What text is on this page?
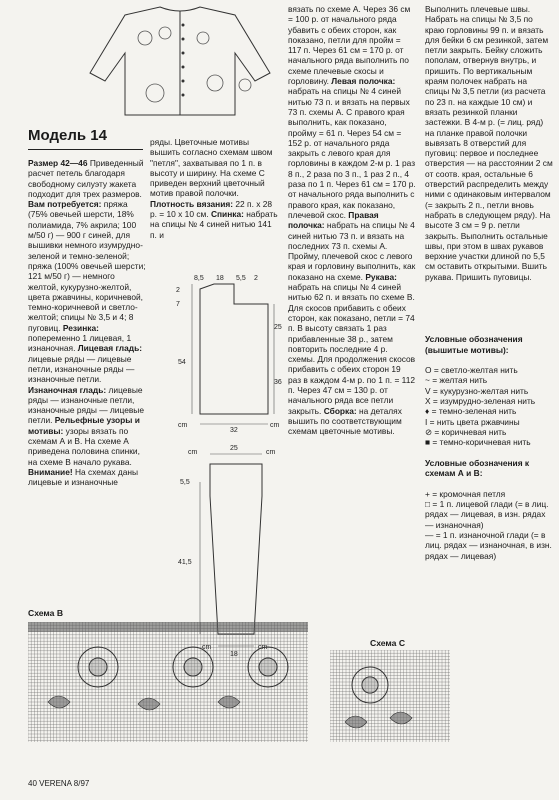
Модель 14
Размер 42—46 Приведенный расчет петель благодаря свободному силуэту жакета подходит для трех размеров. Вам потребуется: пряжа (75% овечьей шерсти, 18% полиамида, 7% акрила; 100 м/50 г) — 900 г синей, для вышивки немного изумрудно-зеленой и темно-зеленой; пряжа (100% овечьей шерсти; 121 м/50 г) — немного желтой, кукурузно-желтой, цвета ржавчины, коричневой, темно-коричневой и светло-желтой; спицы № 3,5 и 4; 8 пуговиц. Резинка: попеременно 1 лицевая, 1 изнаночная. Лицевая гладь: лицевые ряды — лицевые петли, изнаночные ряды — изнаночные петли. Изнаночная гладь: лицевые ряды — изнаночные петли, изнаночные ряды — лицевые петли. Рельефные узоры и мотивы: узоры вязать по схемам А и В. На схеме А приведена половина спинки, на схеме В начало рукава. Внимание! На схемах даны лицевые и изнаночные
ряды. Цветочные мотивы вышить согласно схемам швом "петля", захватывая по 1 п. в высоту и ширину. На схеме С приведен верхний цветочный мотив правой полочки. Плотность вязания: 22 п. x 28 р. = 10 x 10 см. Спинка: набрать на спицы № 4 синей нитью 141 п. и
вязать по схеме А. Через 36 см = 100 р. от начального ряда убавить с обеих сторон, как показано, петли для пройм = 117 п. Через 61 см = 170 р. от начального ряда выполнить по схеме плечевые скосы и горловину. Левая полочка: набрать на спицы № 4 синей нитью 73 п. и вязать на первых 73 п. схемы А. С правого края выполнить, как показано, пройму = 61 п. Через 54 см = 152 р. от начального ряда закрыть с левого края для горловины в каждом 2-м р. 1 раз 8 п., 2 раза по 3 п., 1 раз 2 п., 4 раза по 1 п. Через 61 см = 170 р. от начального ряда выполнить с правого края, как показано, плечевой скос. Правая полочка: набрать на спицы № 4 синей нитью 73 п. и вязать на последних 73 п. схемы А. Пройму, плечевой скос с левого края и горловину выполнить, как показано на схеме. Рукава: набрать на спицы № 4 синей нитью 62 п. и вязать по схеме В. Для скосов прибавить с обеих сторон, как показано, петли = 74 п. В высоту связать 1 раз прибавленные 38 р., затем повторить последние 4 р. схемы. Для продолжения скосов прибавить с обеих сторон 19 раз в каждом 4-м р. по 1 п. = 112 п. Через 47 см = 130 р. от начального ряда все петли закрыть. Сборка: на деталях вышить по соответствующим схемам цветочные мотивы.
Выполнить плечевые швы. Набрать на спицы № 3,5 по краю горловины 99 п. и вязать для бейки 6 см резинкой, затем петли закрыть. Бейку сложить пополам, отвернув внутрь, и пришить. По вертикальным краям полочек набрать на спицы № 3,5 петли (из расчета по 23 п. на каждые 10 см) и вязать резинкой планки застежки. В 4-м р. (= лиц. ряд) на планке правой полочки вывязать 8 отверстий для пуговиц: первое и последнее отверстия — на расстоянии 2 см от соотв. края, остальные 6 отверстий распределить между ними с одинаковым интервалом (= закрыть 2 п., петли вновь набрать в следующем ряду). На высоте 3 см = 9 р. петли закрыть. Выполнить остальные швы, при этом в швах рукавов верхние участки длиной по 5,5 см оставить открытыми. Вшить рукава. Пришить пуговицы.

Условные обозначения (вышитые мотивы):

О = светло-желтая нить
~ = желтая нить
V = кукурузно-желтая нить
X = изумрудно-зеленая нить
♦ = темно-зеленая нить
I = нить цвета ржавчины
⊘ = коричневая нить
■ = темно-коричневая нить

Условные обозначения к схемам А и В:

+ = кромочная петля
□ = 1 п. лицевой глади (= в лиц. рядах — лицевая, в изн. рядах — изнаночная)
— = 1 п. изнаночной глади (= в лиц. рядах — изнаночная, в изн. рядах — лицевая)

8,5 18 5,5 2
2
7
54
25
36
cm
32
cm
cm
25
cm
5,5
41,5
cm
18
cm
Схема В
Схема С
40 VERENA 8/97
